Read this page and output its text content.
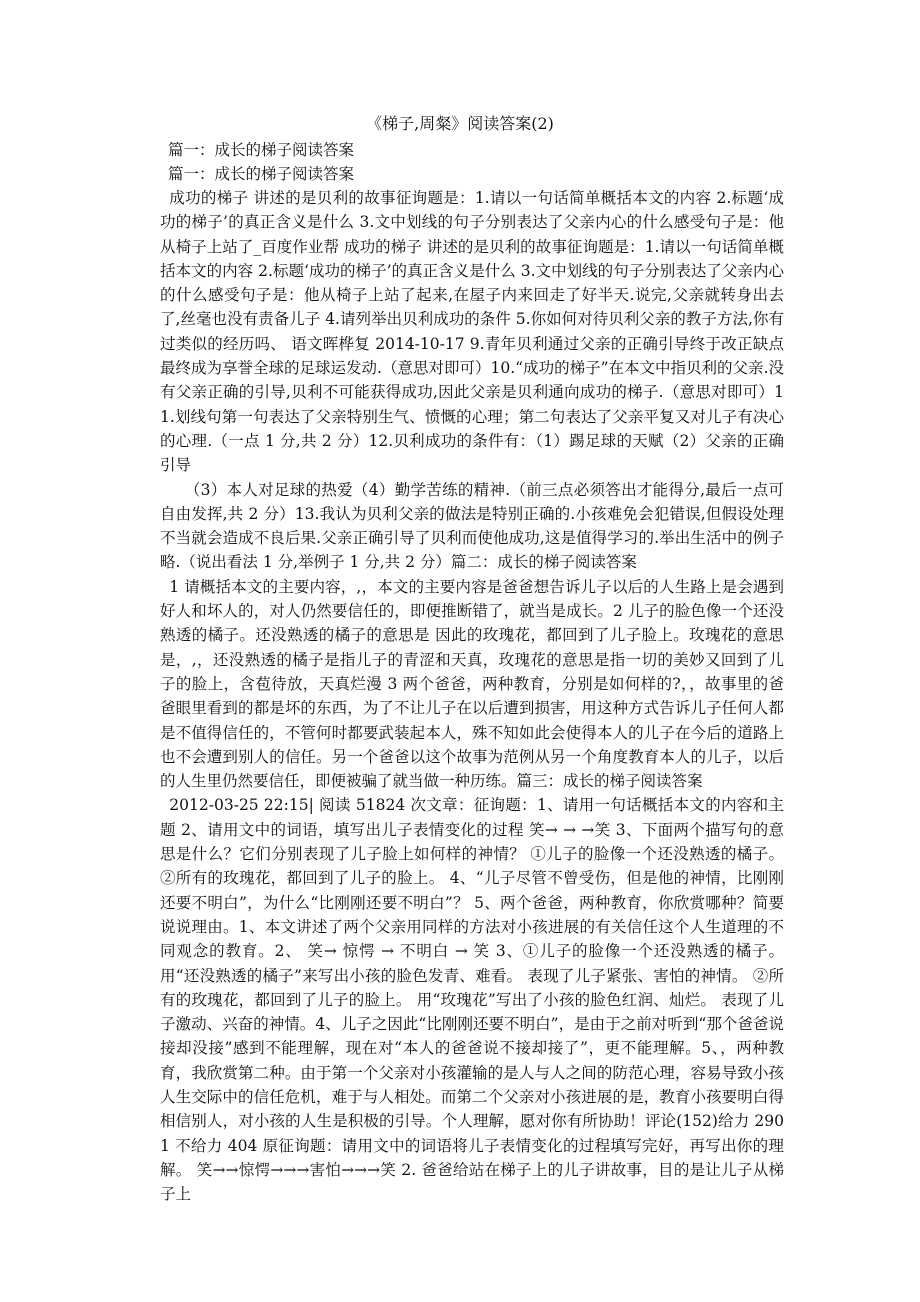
《梯子,周粲》阅读答案(2)
篇一：成长的梯子阅读答案
篇一：成长的梯子阅读答案

成功的梯子 讲述的是贝利的故事征询题是：1.请以一句话简单概括本文的内容 2.标题‘成功的梯子’的真正含义是什么 3.文中划线的句子分别表达了父亲内心的什么感受句子是：他从椅子上站了_百度作业帮 成功的梯子 讲述的是贝利的故事征询题是：1.请以一句话简单概括本文的内容 2.标题‘成功的梯子’的真正含义是什么 3.文中划线的句子分别表达了父亲内心的什么感受句子是：他从椅子上站了起来,在屋子内来回走了好半天.说完,父亲就转身出去了,丝毫也没有责备儿子 4.请列举出贝利成功的条件 5.你如何对待贝利父亲的教子方法,你有过类似的经历吗、 语文晖桦复 2014-10-17 9.青年贝利通过父亲的正确引导终于改正缺点最终成为享誉全球的足球运发动.（意思对即可）10.“成功的梯子”在本文中指贝利的父亲.没有父亲正确的引导,贝利不可能获得成功,因此父亲是贝利通向成功的梯子.（意思对即可）11.划线句第一句表达了父亲特别生气、愤慨的心理；第二句表达了父亲平复又对儿子有决心的心理.（一点 1 分,共 2 分）12.贝利成功的条件有：（1）踢足球的天赋（2）父亲的正确引导

（3）本人对足球的热爱（4）勤学苦练的精神.（前三点必须答出才能得分,最后一点可自由发挥,共 2 分）13.我认为贝利父亲的做法是特别正确的.小孩难免会犯错误,但假设处理不当就会造成不良后果.父亲正确引导了贝利而使他成功,这是值得学习的.举出生活中的例子略.（说出看法 1 分,举例子 1 分,共 2 分）篇二：成长的梯子阅读答案

1 请概括本文的主要内容，,，本文的主要内容是爸爸想告诉儿子以后的人生路上是会遇到好人和坏人的，对人仍然要信任的，即便推断错了，就当是成长。2 儿子的脸色像一个还没熟透的橘子。还没熟透的橘子的意思是 因此的玫瑰花，都回到了儿子脸上。玫瑰花的意思是，,，还没熟透的橘子是指儿子的青涩和天真，玫瑰花的意思是指一切的美妙又回到了儿子的脸上，含苞待放，天真烂漫 3 两个爸爸，两种教育，分别是如何样的?，，故事里的爸爸眼里看到的都是坏的东西，为了不让儿子在以后遭到损害，用这种方式告诉儿子任何人都是不值得信任的，不管何时都要武装起本人，殊不知如此会使得本人的儿子在今后的道路上也不会遭到别人的信任。另一个爸爸以这个故事为范例从另一个角度教育本人的儿子，以后的人生里仍然要信任，即便被骗了就当做一种历练。篇三：成长的梯子阅读答案

2012-03-25 22:15| 阅读 51824 次文章：征询题：1、请用一句话概括本文的内容和主题 2、请用文中的词语，填写出儿子表情变化的过程 笑→ → →笑 3、下面两个描写句的意思是什么？它们分别表现了儿子脸上如何样的神情？ ①儿子的脸像一个还没熟透的橘子。 ②所有的玫瑰花，都回到了儿子的脸上。 4、“儿子尽管不曾受伤，但是他的神情，比刚刚还要不明白”，为什么“比刚刚还要不明白”？ 5、两个爸爸，两种教育，你欣赏哪种？简要说说理由。1、本文讲述了两个父亲用同样的方法对小孩进展的有关信任这个人生道理的不同观念的教育。2、 笑→ 惊愕 → 不明白 → 笑 3、①儿子的脸像一个还没熟透的橘子。 用“还没熟透的橘子”来写出小孩的脸色发青、难看。 表现了儿子紧张、害怕的神情。 ②所有的玫瑰花，都回到了儿子的脸上。 用“玫瑰花”写出了小孩的脸色红润、灿烂。 表现了儿子激动、兴奋的神情。4、儿子之因此“比刚刚还要不明白”，是由于之前对听到“那个爸爸说接却没接”感到不能理解，现在对“本人的爸爸说不接却接了”，更不能理解。5、，两种教育，我欣赏第二种。由于第一个父亲对小孩灌输的是人与人之间的防范心理，容易导致小孩人生交际中的信任危机，难于与人相处。而第二个父亲对小孩进展的是，教育小孩要明白得相信别人，对小孩的人生是积极的引导。个人理解，愿对你有所协助！评论(152)给力 2901 不给力 404 原征询题：请用文中的词语将儿子表情变化的过程填写完好，再写出你的理解。 笑→→惊愕→→→害怕→→→笑 2. 爸爸给站在梯子上的儿子讲故事，目的是让儿子从梯子上
